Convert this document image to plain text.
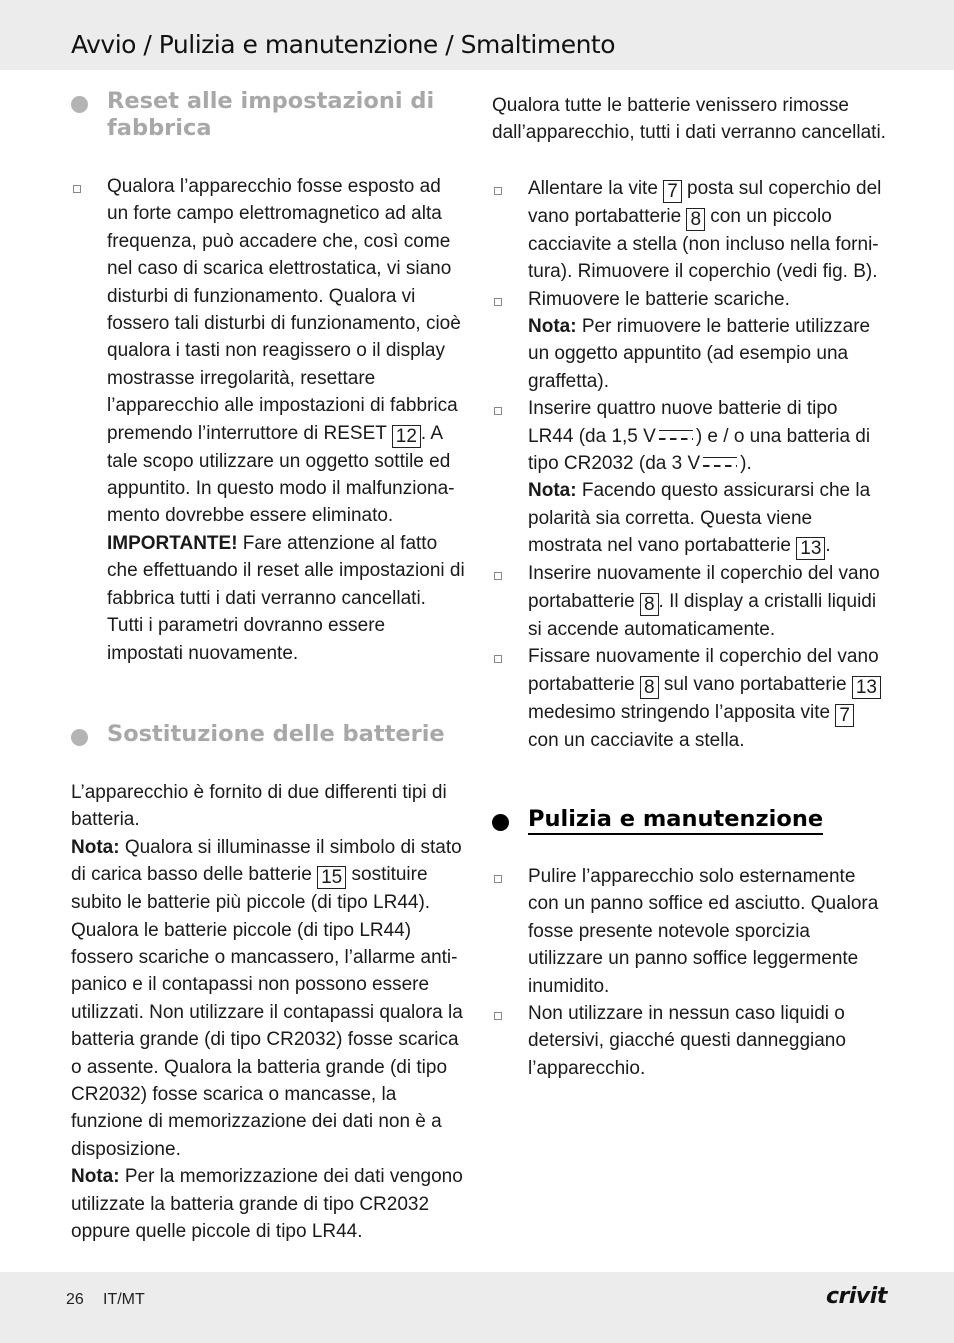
Avvio / Pulizia e manutenzione / Smaltimento
Reset alle impostazioni di fabbrica
Qualora l’apparecchio fosse esposto ad un forte campo elettromagnetico ad alta frequenza, può accadere che, così come nel caso di scarica elettrostatica, vi siano disturbi di funzionamento. Qualora vi fossero tali disturbi di funzionamento, cioè qualora i tasti non reagissero o il display mostrasse irregolarità, resettare l’apparecchio alle impostazioni di fabbrica premendo l’interruttore di RESET 12 . A tale scopo utilizzare un oggetto sottile ed appuntito. In questo modo il malfunzionamento dovrebbe essere eliminato.
IMPORTANTE! Fare attenzione al fatto che effettuando il reset alle impostazioni di fabbrica tutti i dati verranno cancellati. Tutti i parametri dovranno essere impostati nuovamente.
Sostituzione delle batterie

L’apparecchio è fornito di due differenti tipi di batteria.

Nota: Qualora si illuminasse il simbolo di stato di carica basso delle batterie 15 sostituire subito le batterie più piccole (di tipo LR44). Qualora le batterie piccole (di tipo LR44) fossero scariche o mancassero, l’allarme antipanico e il contapassi non possono essere utilizzati. Non utilizzare il contapassi qualora la batteria grande (di tipo CR2032) fosse scarica o assente. Qualora la batteria grande (di tipo CR2032) fosse scarica o mancasse, la funzione di memorizzazione dei dati non è a disposizione.

Nota: Per la memorizzazione dei dati vengono utilizzate la batteria grande di tipo CR2032 oppure quelle piccole di tipo LR44.

Qualora tutte le batterie venissero rimosse dall’apparecchio, tutti i dati verranno cancellati.

Allentare la vite 7 posta sul coperchio del vano portabatterie 8 con un piccolo cacciavite a stella (non incluso nella fornitura). Rimuovere il coperchio (vedi fig. B).
Rimuovere le batterie scariche.
Nota: Per rimuovere le batterie utilizzare un oggetto appuntito (ad esempio una graffetta).
Inserire quattro nuove batterie di tipo LR44 (da 1,5 V ) e / o una batteria di tipo CR2032 (da 3 V ).
Nota: Facendo questo assicurarsi che la polarità sia corretta. Questa viene mostrata nel vano portabatterie 13 .
Inserire nuovamente il coperchio del vano portabatterie 8 . Il display a cristalli liquidi si accende automaticamente.
Fissare nuovamente il coperchio del vano portabatterie 8 sul vano portabatterie 13 medesimo stringendo l’apposita vite 7 con un cacciavite a stella.
Pulizia e manutenzione
Pulire l’apparecchio solo esternamente con un panno soffice ed asciutto. Qualora fosse presente notevole sporcizia utilizzare un panno soffice leggermente inumidito.
Non utilizzare in nessun caso liquidi o detersivi, giacché questi danneggiano l’apparecchio.
26 IT/MT	crivit
